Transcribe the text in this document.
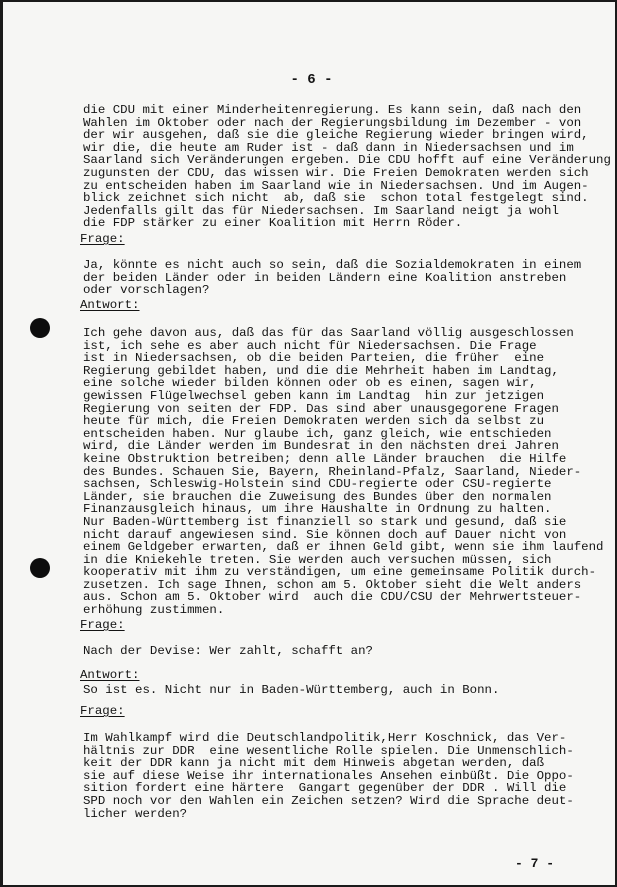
- 6 -

die CDU mit einer Minderheitenregierung. Es kann sein, daß nach den
Wahlen im Oktober oder nach der Regierungsbildung im Dezember - von
der wir ausgehen, daß sie die gleiche Regierung wieder bringen wird,
wir die, die heute am Ruder ist - daß dann in Niedersachsen und im
Saarland sich Veränderungen ergeben. Die CDU hofft auf eine Veränderung
zugunsten der CDU, das wissen wir. Die Freien Demokraten werden sich
zu entscheiden haben im Saarland wie in Niedersachsen. Und im Augen-
blick zeichnet sich nicht  ab, daß sie  schon total festgelegt sind.
Jedenfalls gilt das für Niedersachsen. Im Saarland neigt ja wohl
die FDP stärker zu einer Koalition mit Herrn Röder.

Frage:

Ja, könnte es nicht auch so sein, daß die Sozialdemokraten in einem
der beiden Länder oder in beiden Ländern eine Koalition anstreben
oder vorschlagen?

Antwort:

Ich gehe davon aus, daß das für das Saarland völlig ausgeschlossen
ist, ich sehe es aber auch nicht für Niedersachsen. Die Frage
ist in Niedersachsen, ob die beiden Parteien, die früher  eine
Regierung gebildet haben, und die die Mehrheit haben im Landtag,
eine solche wieder bilden können oder ob es einen, sagen wir,
gewissen Flügelwechsel geben kann im Landtag  hin zur jetzigen
Regierung von seiten der FDP. Das sind aber unausgegorene Fragen
heute für mich, die Freien Demokraten werden sich da selbst zu
entscheiden haben. Nur glaube ich, ganz gleich, wie entschieden
wird, die Länder werden im Bundesrat in den nächsten drei Jahren
keine Obstruktion betreiben; denn alle Länder brauchen  die Hilfe
des Bundes. Schauen Sie, Bayern, Rheinland-Pfalz, Saarland, Nieder-
sachsen, Schleswig-Holstein sind CDU-regierte oder CSU-regierte
Länder, sie brauchen die Zuweisung des Bundes über den normalen
Finanzausgleich hinaus, um ihre Haushalte in Ordnung zu halten.
Nur Baden-Württemberg ist finanziell so stark und gesund, daß sie
nicht darauf angewiesen sind. Sie können doch auf Dauer nicht von
einem Geldgeber erwarten, daß er ihnen Geld gibt, wenn sie ihm laufend
in die Kniekehle treten. Sie werden auch versuchen müssen, sich
kooperativ mit ihm zu verständigen, um eine gemeinsame Politik durch-
zusetzen. Ich sage Ihnen, schon am 5. Oktober sieht die Welt anders
aus. Schon am 5. Oktober wird  auch die CDU/CSU der Mehrwertsteuer-
erhöhung zustimmen.

Frage:

Nach der Devise: Wer zahlt, schafft an?

Antwort:

So ist es. Nicht nur in Baden-Württemberg, auch in Bonn.

Frage:

Im Wahlkampf wird die Deutschlandpolitik,Herr Koschnick, das Ver-
hältnis zur DDR  eine wesentliche Rolle spielen. Die Unmenschlich-
keit der DDR kann ja nicht mit dem Hinweis abgetan werden, daß
sie auf diese Weise ihr internationales Ansehen einbüßt. Die Oppo-
sition fordert eine härtere  Gangart gegenüber der DDR . Will die
SPD noch vor den Wahlen ein Zeichen setzen? Wird die Sprache deut-
licher werden?

- 7 -
